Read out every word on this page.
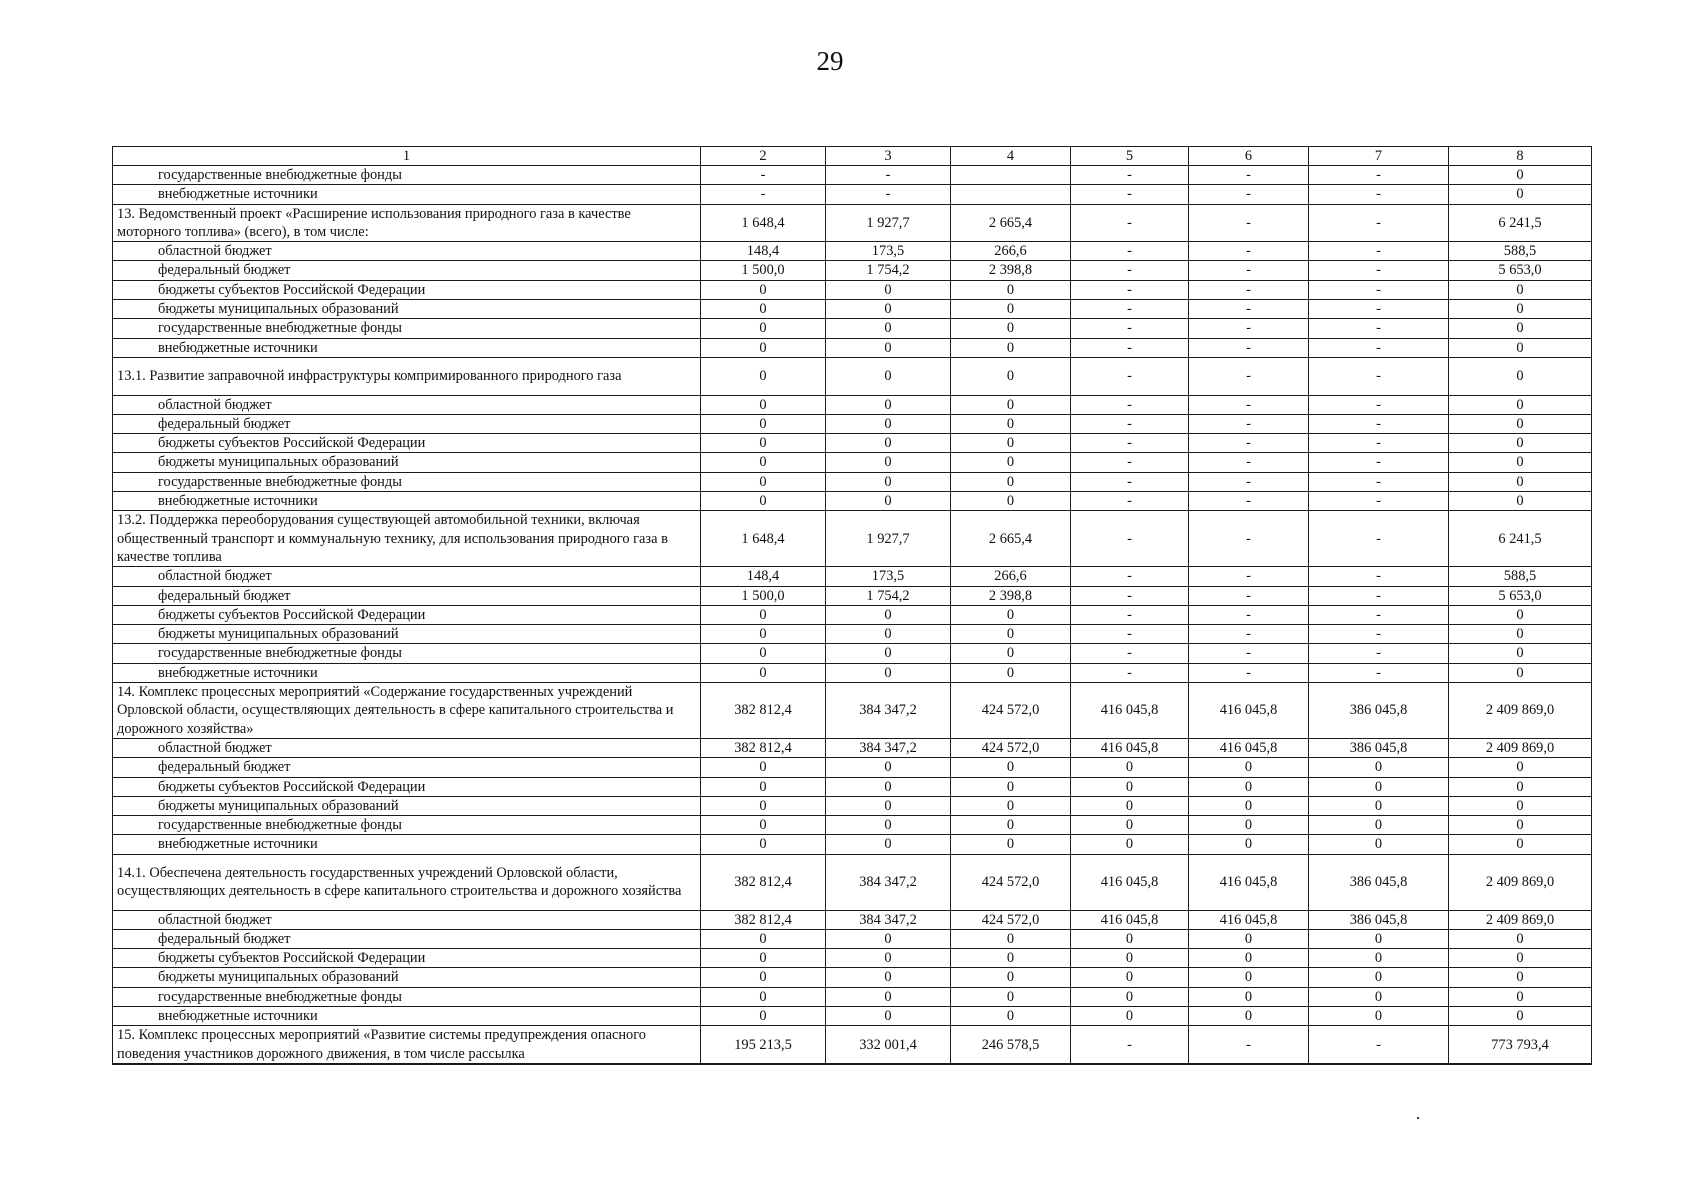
29
1	2	3	4	5	6	7	8
государственные внебюджетные фонды	-	-		-	-	-	0
внебюджетные источники	-	-		-	-	-	0
13. Ведомственный проект «Расширение использования природного газа в качестве моторного топлива» (всего), в том числе:	1 648,4	1 927,7	2 665,4	-	-	-	6 241,5
областной бюджет	148,4	173,5	266,6	-	-	-	588,5
федеральный бюджет	1 500,0	1 754,2	2 398,8	-	-	-	5 653,0
бюджеты субъектов Российской Федерации	0	0	0	-	-	-	0
бюджеты муниципальных образований	0	0	0	-	-	-	0
государственные внебюджетные фонды	0	0	0	-	-	-	0
внебюджетные источники	0	0	0	-	-	-	0
13.1. Развитие заправочной инфраструктуры компримированного природного газа	0	0	0	-	-	-	0
областной бюджет	0	0	0	-	-	-	0
федеральный бюджет	0	0	0	-	-	-	0
бюджеты субъектов Российской Федерации	0	0	0	-	-	-	0
бюджеты муниципальных образований	0	0	0	-	-	-	0
государственные внебюджетные фонды	0	0	0	-	-	-	0
внебюджетные источники	0	0	0	-	-	-	0
13.2. Поддержка переоборудования существующей автомобильной техники, включая общественный транспорт и коммунальную технику, для использования природного газа в качестве топлива	1 648,4	1 927,7	2 665,4	-	-	-	6 241,5
областной бюджет	148,4	173,5	266,6	-	-	-	588,5
федеральный бюджет	1 500,0	1 754,2	2 398,8	-	-	-	5 653,0
бюджеты субъектов Российской Федерации	0	0	0	-	-	-	0
бюджеты муниципальных образований	0	0	0	-	-	-	0
государственные внебюджетные фонды	0	0	0	-	-	-	0
внебюджетные источники	0	0	0	-	-	-	0
14. Комплекс процессных мероприятий «Содержание государственных учреждений Орловской области, осуществляющих деятельность в сфере капитального строительства и дорожного хозяйства»	382 812,4	384 347,2	424 572,0	416 045,8	416 045,8	386 045,8	2 409 869,0
областной бюджет	382 812,4	384 347,2	424 572,0	416 045,8	416 045,8	386 045,8	2 409 869,0
федеральный бюджет	0	0	0	0	0	0	0
бюджеты субъектов Российской Федерации	0	0	0	0	0	0	0
бюджеты муниципальных образований	0	0	0	0	0	0	0
государственные внебюджетные фонды	0	0	0	0	0	0	0
внебюджетные источники	0	0	0	0	0	0	0
14.1. Обеспечена деятельность государственных учреждений Орловской области, осуществляющих деятельность в сфере капитального строительства и дорожного хозяйства	382 812,4	384 347,2	424 572,0	416 045,8	416 045,8	386 045,8	2 409 869,0
областной бюджет	382 812,4	384 347,2	424 572,0	416 045,8	416 045,8	386 045,8	2 409 869,0
федеральный бюджет	0	0	0	0	0	0	0
бюджеты субъектов Российской Федерации	0	0	0	0	0	0	0
бюджеты муниципальных образований	0	0	0	0	0	0	0
государственные внебюджетные фонды	0	0	0	0	0	0	0
внебюджетные источники	0	0	0	0	0	0	0
15. Комплекс процессных мероприятий «Развитие системы предупреждения опасного поведения участников дорожного движения, в том числе рассылка	195 213,5	332 001,4	246 578,5	-	-	-	773 793,4
